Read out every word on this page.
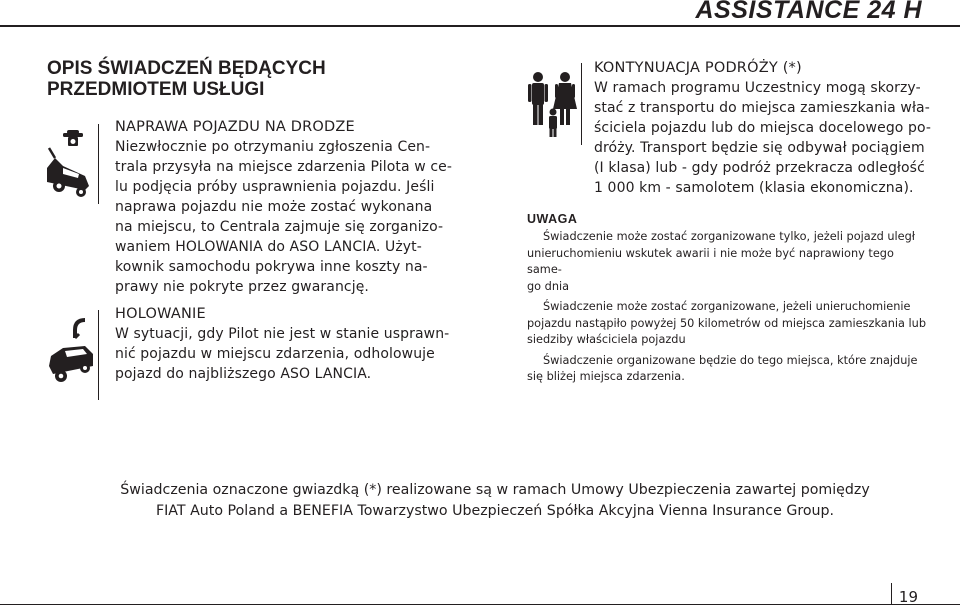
ASSISTANCE 24 H
OPIS ŚWIADCZEŃ BĘDĄCYCH
PRZEDMIOTEM USŁUGI
NAPRAWA POJAZDU NA DRODZE

Niezwłocznie po otrzymaniu zgłoszenia Cen-

trala przysyła na miejsce zdarzenia Pilota w ce-

lu podjęcia próby usprawnienia pojazdu. Jeśli

naprawa pojazdu nie może zostać wykonana

na miejscu, to Centrala zajmuje się zorganizo-

waniem HOLOWANIA do ASO LANCIA. Użyt-

kownik samochodu pokrywa inne koszty na-

prawy nie pokryte przez gwarancję.

HOLOWANIE

W sytuacji, gdy Pilot nie jest w stanie usprawn-

nić pojazdu w miejscu zdarzenia, odholowuje

pojazd do najbliższego ASO LANCIA.

KONTYNUACJA PODRÓŻY (*)

W ramach programu Uczestnicy mogą skorzy-

stać z transportu do miejsca zamieszkania wła-

ściciela pojazdu lub do miejsca docelowego po-

dróży. Transport będzie się odbywał pociągiem

(I klasa) lub - gdy podróż przekracza odległość

1 000 km - samolotem (klasia ekonomiczna).

UWAGA

Świadczenie może zostać zorganizowane tylko, jeżeli pojazd uległ

unieruchomieniu wskutek awarii i nie może być naprawiony tego same-

go dnia

Świadczenie może zostać zorganizowane, jeżeli unieruchomienie

pojazdu nastąpiło powyżej 50 kilometrów od miejsca zamieszkania lub

siedziby właściciela pojazdu

Świadczenie organizowane będzie do tego miejsca, które znajduje

się bliżej miejsca zdarzenia.

Świadczenia oznaczone gwiazdką (*) realizowane są w ramach Umowy Ubezpieczenia zawartej pomiędzy
FIAT Auto Poland a BENEFIA Towarzystwo Ubezpieczeń Spółka Akcyjna Vienna Insurance Group.
19
